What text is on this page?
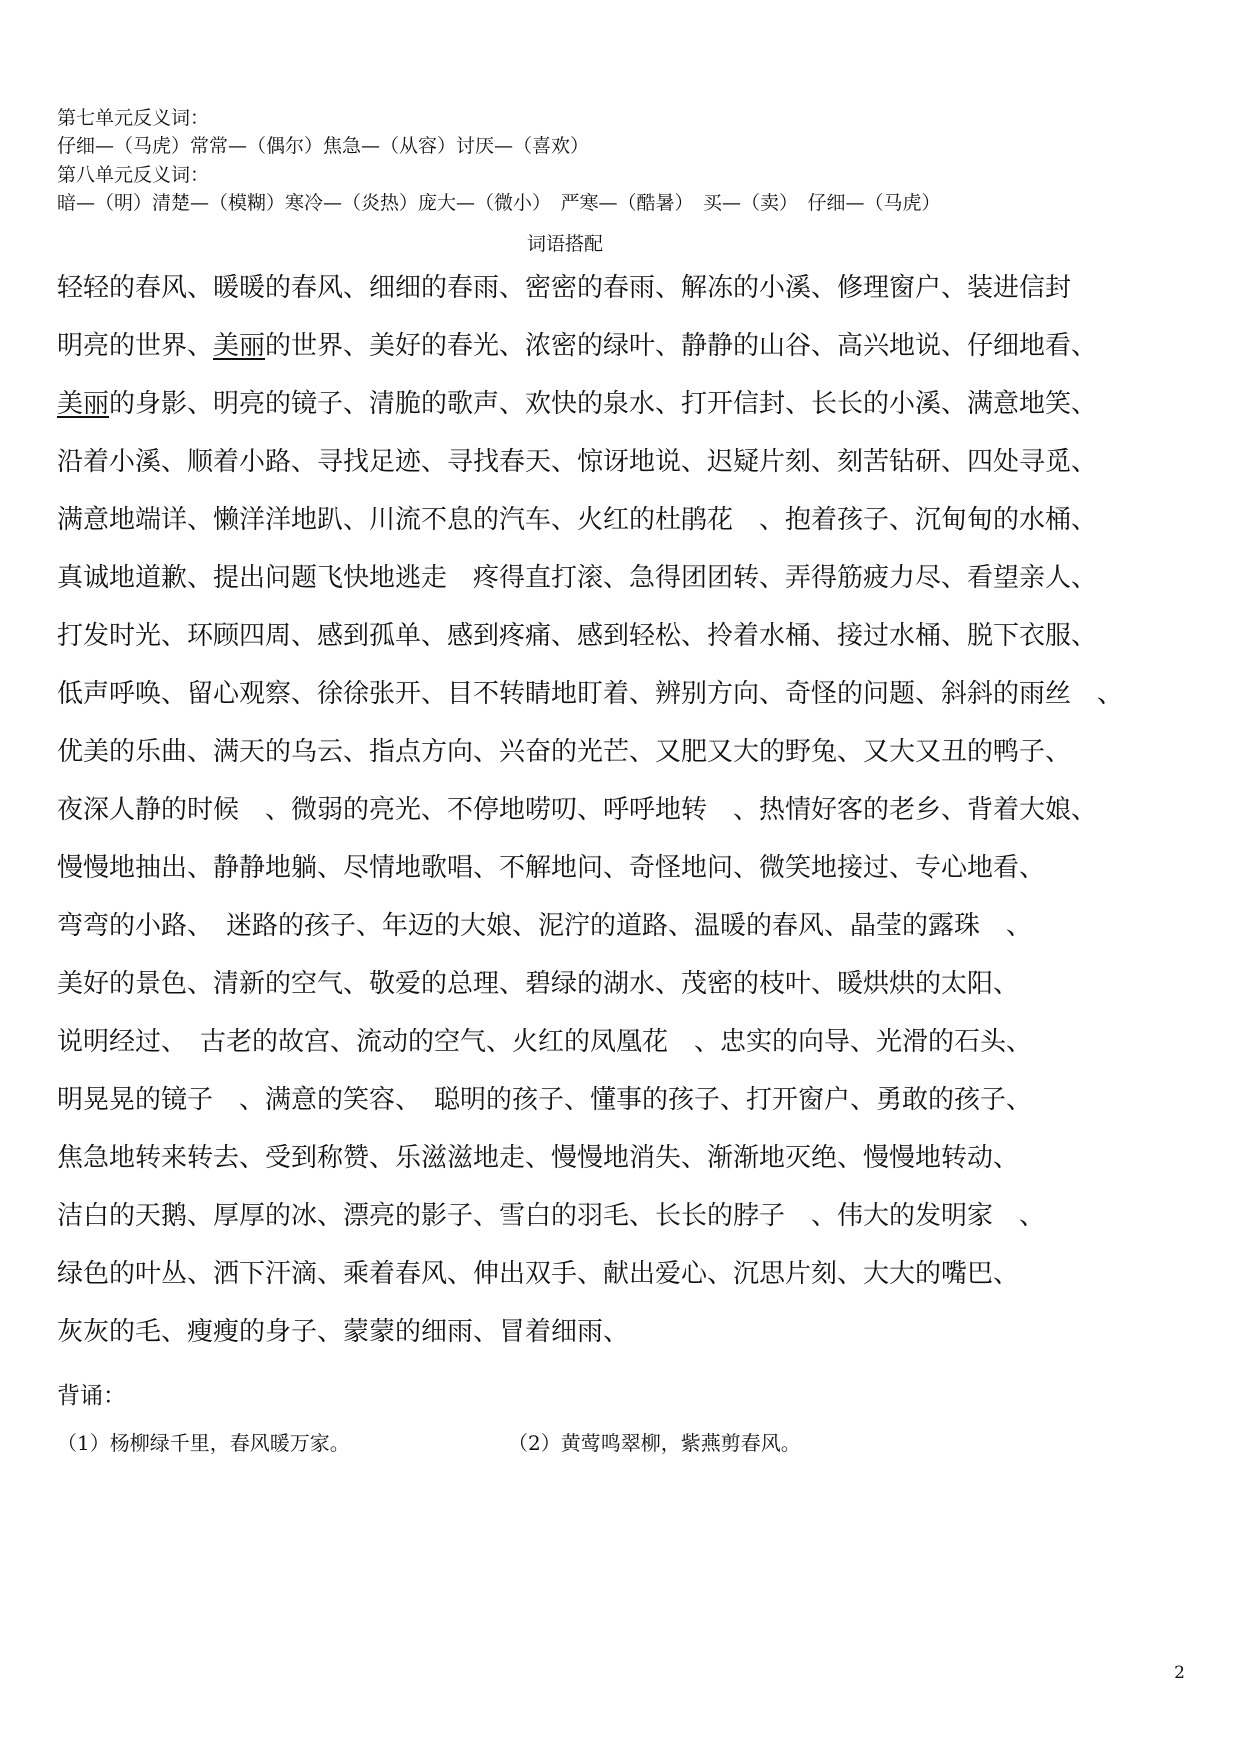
第七单元反义词：
仔细—（马虎）常常—（偶尔）焦急—（从容）讨厌—（喜欢）
第八单元反义词：
暗—（明）清楚—（模糊）寒冷—（炎热）庞大—（微小）　严寒—（酷暑）　买—（卖）　仔细—（马虎）
词语搭配
轻轻的春风、暖暖的春风、细细的春雨、密密的春雨、解冻的小溪、修理窗户、装进信封
明亮的世界、美丽的世界、美好的春光、浓密的绿叶、静静的山谷、高兴地说、仔细地看、
美丽的身影、明亮的镜子、清脆的歌声、欢快的泉水、打开信封、长长的小溪、满意地笑、
沿着小溪、顺着小路、寻找足迹、寻找春天、惊讶地说、迟疑片刻、刻苦钻研、四处寻觅、
满意地端详、懒洋洋地趴、川流不息的汽车、火红的杜鹃花　、抱着孩子、沉甸甸的水桶、
真诚地道歉、提出问题飞快地逃走　疼得直打滚、急得团团转、弄得筋疲力尽、看望亲人、
打发时光、环顾四周、感到孤单、感到疼痛、感到轻松、拎着水桶、接过水桶、脱下衣服、
低声呼唤、留心观察、徐徐张开、目不转睛地盯着、辨别方向、奇怪的问题、斜斜的雨丝　、
优美的乐曲、满天的乌云、指点方向、兴奋的光芒、又肥又大的野兔、又大又丑的鸭子、
夜深人静的时候　、微弱的亮光、不停地唠叨、呼呼地转　、热情好客的老乡、背着大娘、
慢慢地抽出、静静地躺、尽情地歌唱、不解地问、奇怪地问、微笑地接过、专心地看、
弯弯的小路、　迷路的孩子、年迈的大娘、泥泞的道路、温暖的春风、晶莹的露珠　、
美好的景色、清新的空气、敬爱的总理、碧绿的湖水、茂密的枝叶、暖烘烘的太阳、
说明经过、　古老的故宫、流动的空气、火红的凤凰花　、忠实的向导、光滑的石头、
明晃晃的镜子　、满意的笑容、　聪明的孩子、懂事的孩子、打开窗户、勇敢的孩子、
焦急地转来转去、受到称赞、乐滋滋地走、慢慢地消失、渐渐地灭绝、慢慢地转动、
洁白的天鹅、厚厚的冰、漂亮的影子、雪白的羽毛、长长的脖子　、伟大的发明家　、
绿色的叶丛、洒下汗滴、乘着春风、伸出双手、献出爱心、沉思片刻、大大的嘴巴、
灰灰的毛、瘦瘦的身子、蒙蒙的细雨、冒着细雨、
背诵：
（1）杨柳绿千里，春风暖万家。	（2）黄莺鸣翠柳，紫燕剪春风。
2
